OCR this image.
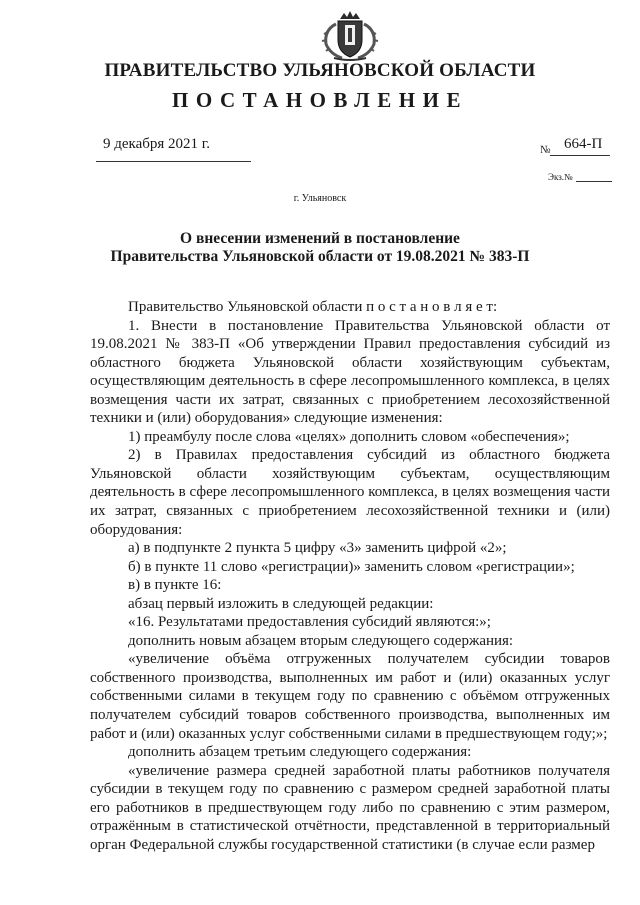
ПРАВИТЕЛЬСТВО УЛЬЯНОВСКОЙ ОБЛАСТИ
ПОСТАНОВЛЕНИЕ
9 декабря 2021 г.	№ 664-П
Экз.№
г. Ульяновск
О внесении изменений в постановление
Правительства Ульяновской области от 19.08.2021 № 383-П

Правительство Ульяновской области п о с т а н о в л я е т:

1. Внести в постановление Правительства Ульяновской области от 19.08.2021 № 383-П «Об утверждении Правил предоставления субсидий из областного бюджета Ульяновской области хозяйствующим субъектам, осуществляющим деятельность в сфере лесопромышленного комплекса, в целях возмещения части их затрат, связанных с приобретением лесохозяйственной техники и (или) оборудования» следующие изменения:

1) преамбулу после слова «целях» дополнить словом «обеспечения»;

2) в Правилах предоставления субсидий из областного бюджета Ульяновской области хозяйствующим субъектам, осуществляющим деятельность в сфере лесопромышленного комплекса, в целях возмещения части их затрат, связанных с приобретением лесохозяйственной техники и (или) оборудования:

а) в подпункте 2 пункта 5 цифру «3» заменить цифрой «2»;

б) в пункте 11 слово «регистрации)» заменить словом «регистрации»;

в) в пункте 16:

абзац первый изложить в следующей редакции:

«16. Результатами предоставления субсидий являются:»;

дополнить новым абзацем вторым следующего содержания:

«увеличение объёма отгруженных получателем субсидии товаров собственного производства, выполненных им работ и (или) оказанных услуг собственными силами в текущем году по сравнению с объёмом отгруженных получателем субсидий товаров собственного производства, выполненных им работ и (или) оказанных услуг собственными силами в предшествующем году;»;

дополнить абзацем третьим следующего содержания:

«увеличение размера средней заработной платы работников получателя субсидии в текущем году по сравнению с размером средней заработной платы его работников в предшествующем году либо по сравнению с этим размером, отражённым в статистической отчётности, представленной в территориальный орган Федеральной службы государственной статистики (в случае если размер
